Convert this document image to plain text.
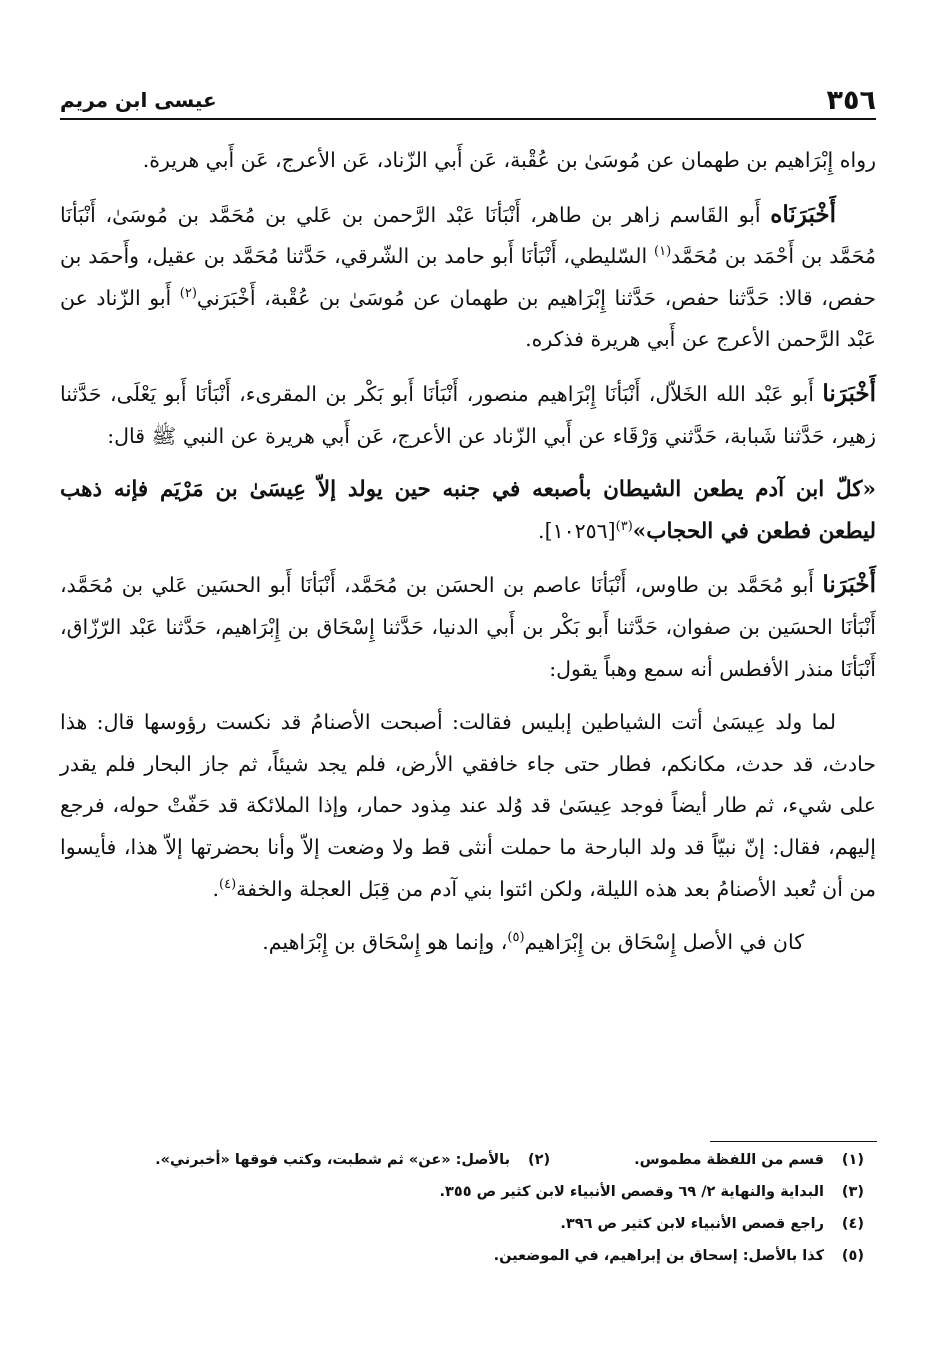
٣٥٦
عيسى ابن مريم

رواه إِبْرَاهيم بن طهمان عن مُوسَىٰ بن عُقْبة، عَن أَبي الزّناد، عَن الأعرج، عَن أَبي هريرة.

أَخْبَرَنَاه أَبو القَاسم زاهر بن طاهر، أَنْبَأنَا عَبْد الرَّحمن بن عَلي بن مُحَمَّد بن مُوسَىٰ، أَنْبَأنَا مُحَمَّد بن أَحْمَد بن مُحَمَّد$^{(١)}$ السّليطي، أَنْبَأنَا أَبو حامد بن الشّرقي، حَدَّثنا مُحَمَّد بن عقيل، وأَحمَد بن حفص، قالا: حَدَّثنا حفص، حَدَّثنا إِبْرَاهيم بن طهمان عن مُوسَىٰ بن عُقْبة، أَخْبَرَني$^{(٢)}$ أَبو الزّناد عن عَبْد الرَّحمن الأعرج عن أَبي هريرة فذكره.

أَخْبَرَنا أَبو عَبْد الله الخَلاّل، أَنْبَأنَا إِبْرَاهيم منصور، أَنْبَأنَا أَبو بَكْر بن المقرىء، أَنْبَأنَا أَبو يَعْلَى، حَدَّثنا زهير، حَدَّثنا شَبابة، حَدَّثني وَرْقَاء عن أَبي الزّناد عن الأعرج، عَن أَبي هريرة عن النبي ﷺ قال:

«كلّ ابن آدم يطعن الشيطان بأصبعه في جنبه حين يولد إلاّ عِيسَىٰ بن مَرْيَم فإنه ذهب ليطعن فطعن في الحجاب»$^{(٣)}$[١٠٢٥٦].

أَخْبَرَنا أَبو مُحَمَّد بن طاوس، أَنْبَأنَا عاصم بن الحسَن بن مُحَمَّد، أَنْبَأنَا أَبو الحسَين عَلي بن مُحَمَّد، أَنْبَأنَا الحسَين بن صفوان، حَدَّثنا أَبو بَكْر بن أَبي الدنيا، حَدَّثنا إِسْحَاق بن إِبْرَاهيم، حَدَّثنا عَبْد الرّزّاق، أَنْبَأنَا منذر الأفطس أنه سمع وهباً يقول:

لما ولد عِيسَىٰ أتت الشياطين إبليس فقالت: أصبحت الأصنامُ قد نكست رؤوسها قال: هذا حادث، قد حدث، مكانكم، فطار حتى جاء خافقي الأرض، فلم يجد شيئاً، ثم جاز البحار فلم يقدر على شيء، ثم طار أيضاً فوجد عِيسَىٰ قد وُلد عند مِذود حمار، وإذا الملائكة قد حَفّتْ حوله، فرجع إليهم، فقال: إنّ نبيّاً قد ولد البارحة ما حملت أنثى قط ولا وضعت إلاّ وأنا بحضرتها إلاّ هذا، فأيسوا من أن تُعبد الأصنامُ بعد هذه الليلة، ولكن ائتوا بني آدم من قِبَل العجلة والخفة$^{(٤)}$.

كان في الأصل إِسْحَاق بن إِبْرَاهيم$^{(٥)}$، وإنما هو إِسْحَاق بن إِبْرَاهيم.

(١)
قسم من اللفظة مطموس.
(٢)
بالأصل: «عن» ثم شطبت، وكتب فوقها «أخبرني».
(٣)
البداية والنهاية ٢/ ٦٩ وقصص الأنبياء لابن كثير ص ٣٥٥.
(٤)
راجع قصص الأنبياء لابن كثير ص ٣٩٦.
(٥)
كذا بالأصل: إسحاق بن إبراهيم، في الموضعين.
